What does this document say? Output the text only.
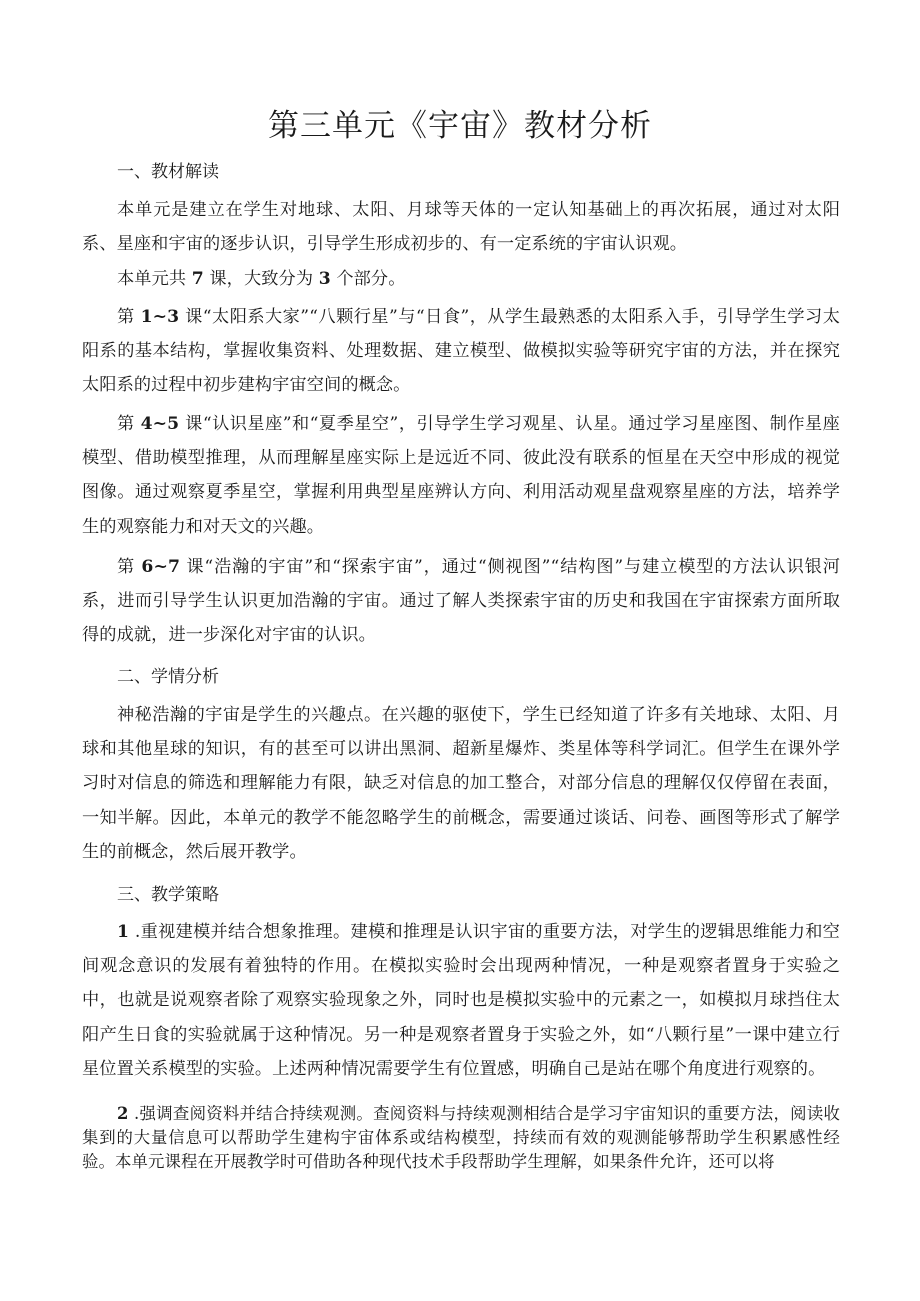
第三单元《宇宙》教材分析
一、教材解读
本单元是建立在学生对地球、太阳、月球等天体的一定认知基础上的再次拓展，通过对太阳系、星座和宇宙的逐步认识，引导学生形成初步的、有一定系统的宇宙认识观。
本单元共 7 课，大致分为 3 个部分。
第 1~3 课“太阳系大家”“八颗行星”与“日食”，从学生最熟悉的太阳系入手，引导学生学习太阳系的基本结构，掌握收集资料、处理数据、建立模型、做模拟实验等研究宇宙的方法，并在探究太阳系的过程中初步建构宇宙空间的概念。
第 4~5 课“认识星座”和“夏季星空”，引导学生学习观星、认星。通过学习星座图、制作星座模型、借助模型推理，从而理解星座实际上是远近不同、彼此没有联系的恒星在天空中形成的视觉图像。通过观察夏季星空，掌握利用典型星座辨认方向、利用活动观星盘观察星座的方法，培养学生的观察能力和对天文的兴趣。
第 6~7 课“浩瀚的宇宙”和“探索宇宙”，通过“侧视图”“结构图”与建立模型的方法认识银河系，进而引导学生认识更加浩瀚的宇宙。通过了解人类探索宇宙的历史和我国在宇宙探索方面所取得的成就，进一步深化对宇宙的认识。
二、学情分析
神秘浩瀚的宇宙是学生的兴趣点。在兴趣的驱使下，学生已经知道了许多有关地球、太阳、月球和其他星球的知识，有的甚至可以讲出黑洞、超新星爆炸、类星体等科学词汇。但学生在课外学习时对信息的筛选和理解能力有限，缺乏对信息的加工整合，对部分信息的理解仅仅停留在表面，一知半解。因此，本单元的教学不能忽略学生的前概念，需要通过谈话、问卷、画图等形式了解学生的前概念，然后展开教学。
三、教学策略
1 .重视建模并结合想象推理。建模和推理是认识宇宙的重要方法，对学生的逻辑思维能力和空间观念意识的发展有着独特的作用。在模拟实验时会出现两种情况，一种是观察者置身于实验之中，也就是说观察者除了观察实验现象之外，同时也是模拟实验中的元素之一，如模拟月球挡住太阳产生日食的实验就属于这种情况。另一种是观察者置身于实验之外，如“八颗行星”一课中建立行星位置关系模型的实验。上述两种情况需要学生有位置感，明确自己是站在哪个角度进行观察的。
2 .强调查阅资料并结合持续观测。查阅资料与持续观测相结合是学习宇宙知识的重要方法，阅读收集到的大量信息可以帮助学生建构宇宙体系或结构模型，持续而有效的观测能够帮助学生积累感性经验。本单元课程在开展教学时可借助各种现代技术手段帮助学生理解，如果条件允许，还可以将
